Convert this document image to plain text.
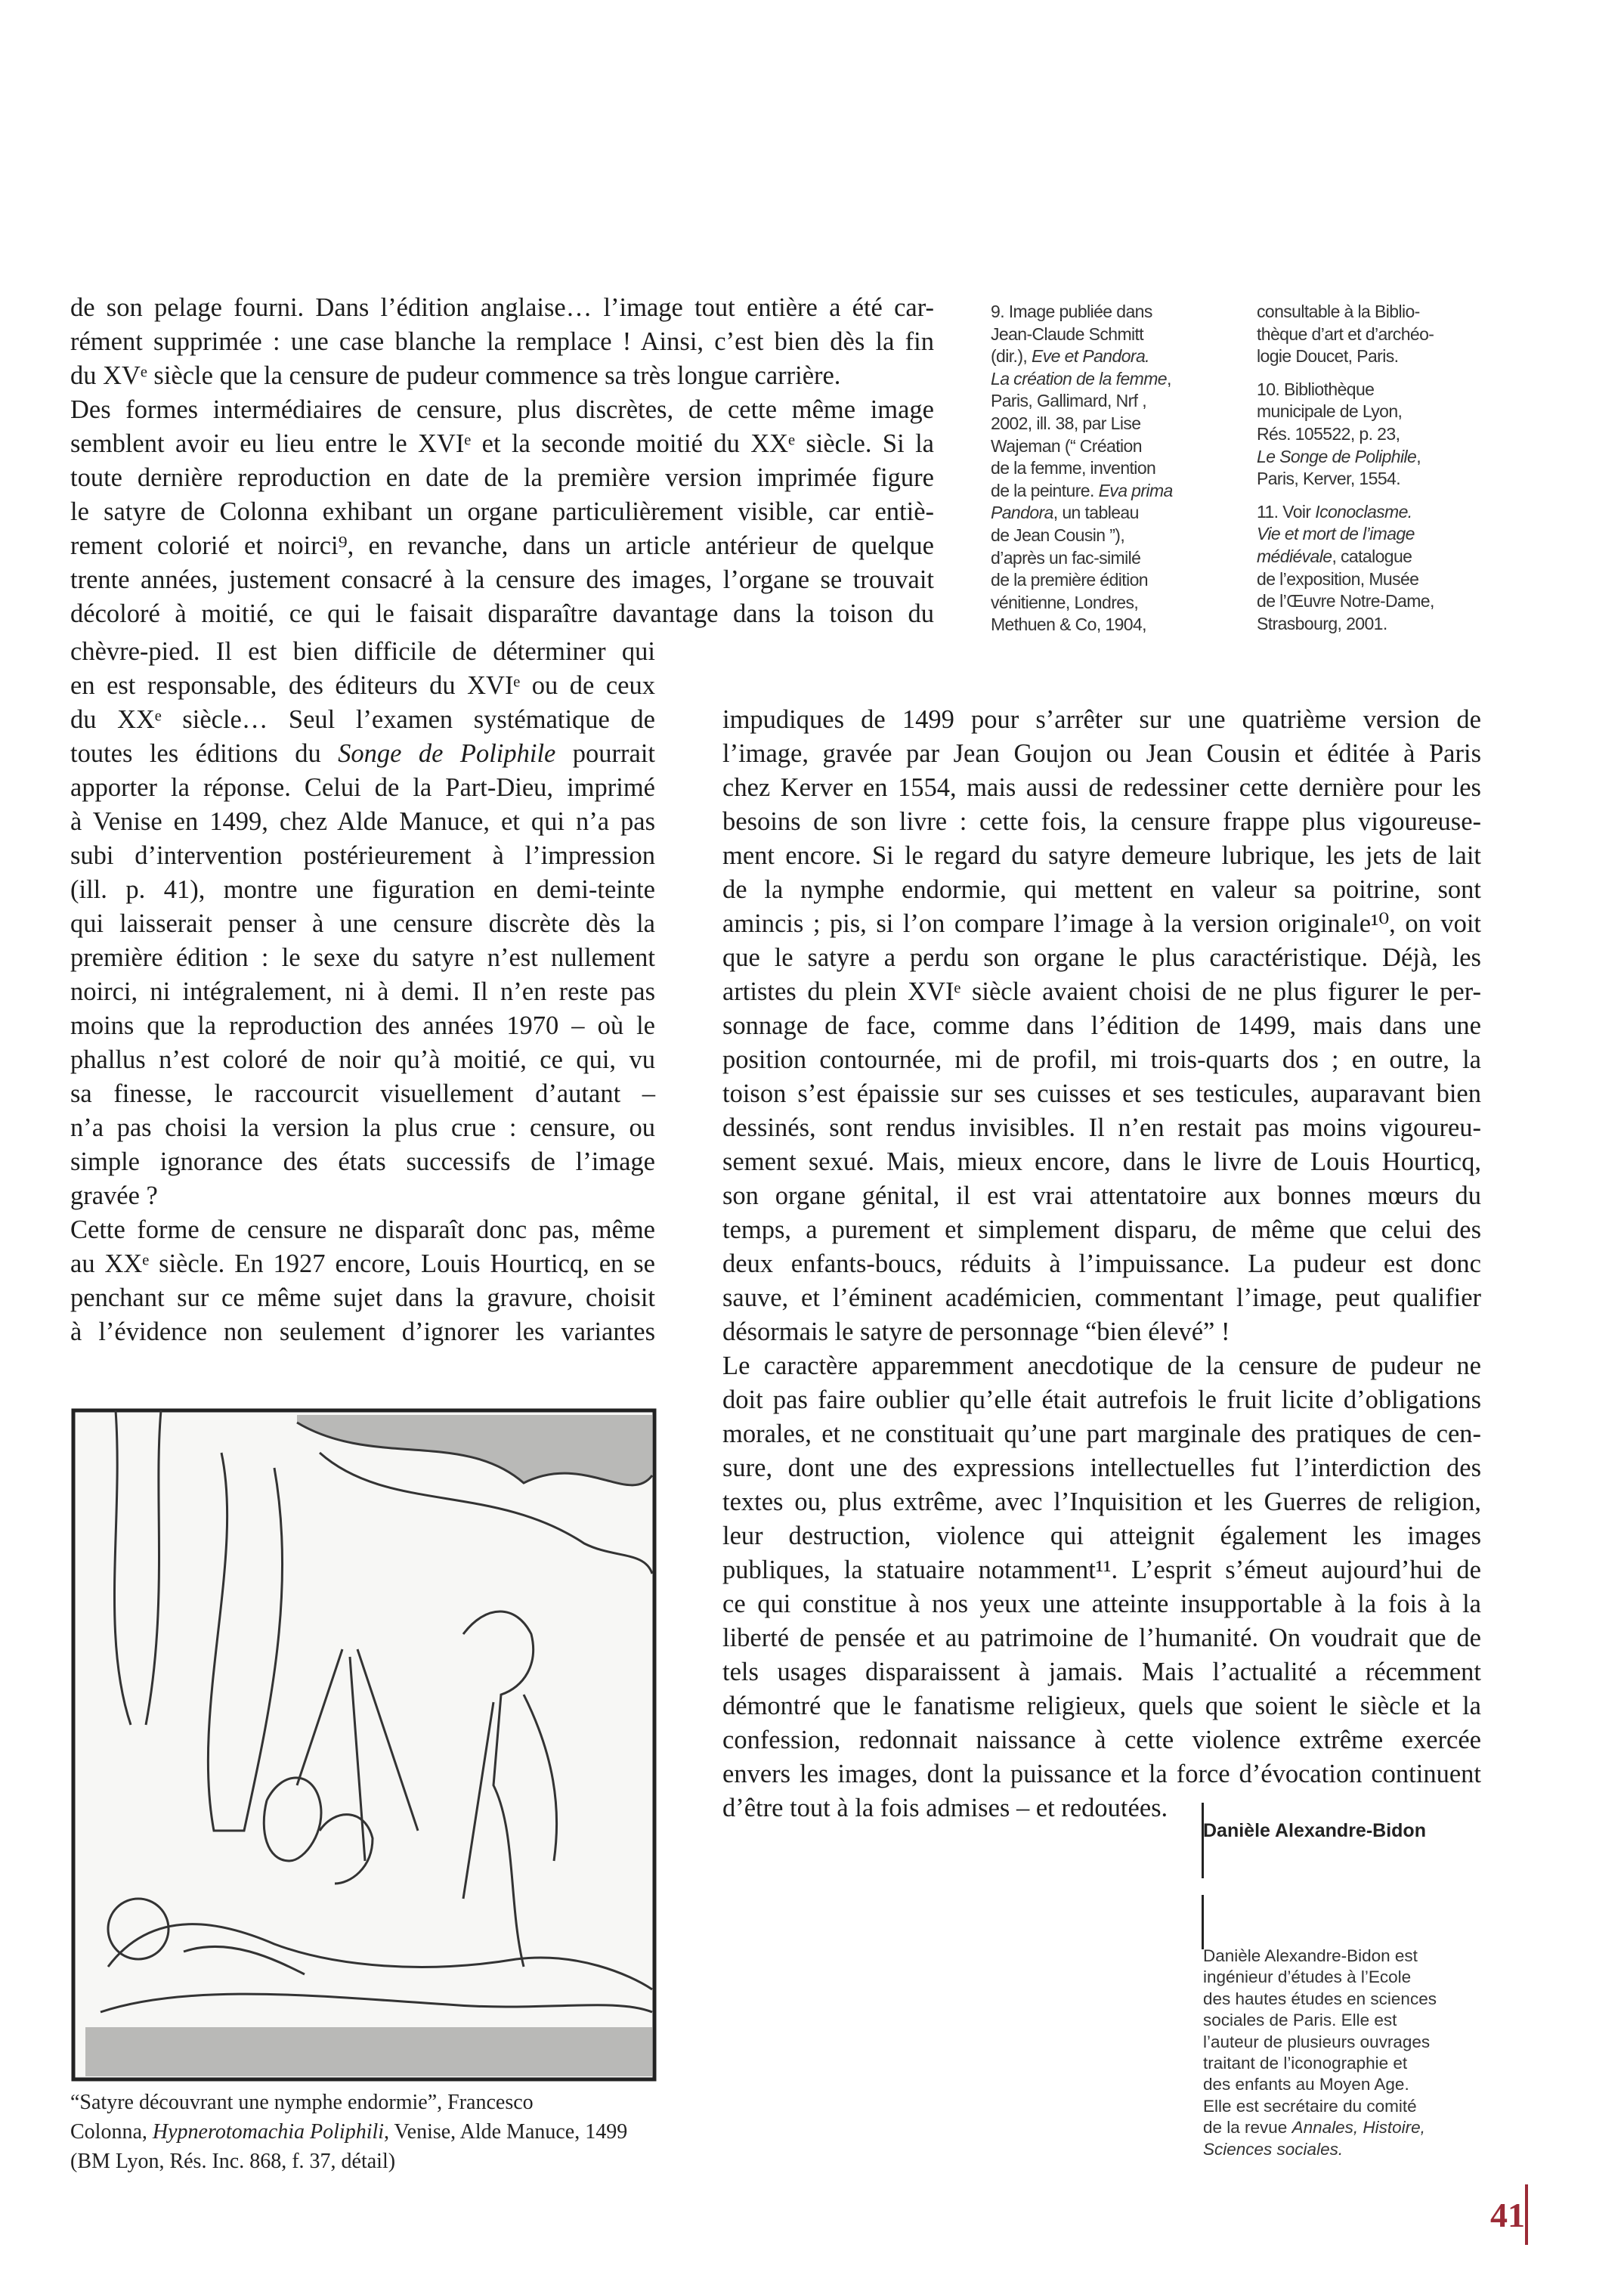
de son pelage fourni. Dans l’édition anglaise… l’image tout entière a été car-
rément supprimée : une case blanche la remplace ! Ainsi, c’est bien dès la fin
du XVᵉ siècle que la censure de pudeur commence sa très longue carrière.
Des formes intermédiaires de censure, plus discrètes, de cette même image
semblent avoir eu lieu entre le XVIᵉ et la seconde moitié du XXᵉ siècle. Si la
toute dernière reproduction en date de la première version imprimée figure
le satyre de Colonna exhibant un organe particulièrement visible, car entiè-
rement colorié et noirci⁹, en revanche, dans un article antérieur de quelque
trente années, justement consacré à la censure des images, l’organe se trouvait
décoloré à moitié, ce qui le faisait disparaître davantage dans la toison du
9. Image publiée dans
Jean-Claude Schmitt
(dir.), Eve et Pandora.
La création de la femme,
Paris, Gallimard, Nrf ,
2002, ill. 38, par Lise
Wajeman (“ Création
de la femme, invention
de la peinture. Eva prima
Pandora, un tableau
de Jean Cousin ”),
d’après un fac-similé
de la première édition
vénitienne, Londres,
Methuen & Co, 1904,
consultable à la Biblio-
thèque d’art et d’archéo-
logie Doucet, Paris.
10. Bibliothèque
municipale de Lyon,
Rés. 105522, p. 23,
Le Songe de Poliphile,
Paris, Kerver, 1554.
11. Voir Iconoclasme.
Vie et mort de l’image
médiévale, catalogue
de l’exposition, Musée
de l’Œuvre Notre-Dame,
Strasbourg, 2001.
chèvre-pied. Il est bien difficile de déterminer qui
en est responsable, des éditeurs du XVIᵉ ou de ceux
du XXᵉ siècle… Seul l’examen systématique de
toutes les éditions du Songe de Poliphile pourrait
apporter la réponse. Celui de la Part-Dieu, imprimé
à Venise en 1499, chez Alde Manuce, et qui n’a pas
subi d’intervention postérieurement à l’impression
(ill. p. 41), montre une figuration en demi-teinte
qui laisserait penser à une censure discrète dès la
première édition : le sexe du satyre n’est nullement
noirci, ni intégralement, ni à demi. Il n’en reste pas
moins que la reproduction des années 1970 – où le
phallus n’est coloré de noir qu’à moitié, ce qui, vu
sa finesse, le raccourcit visuellement d’autant –
n’a pas choisi la version la plus crue : censure, ou
simple ignorance des états successifs de l’image
gravée ?
Cette forme de censure ne disparaît donc pas, même
au XXᵉ siècle. En 1927 encore, Louis Hourticq, en se
penchant sur ce même sujet dans la gravure, choisit
à l’évidence non seulement d’ignorer les variantes
impudiques de 1499 pour s’arrêter sur une quatrième version de
l’image, gravée par Jean Goujon ou Jean Cousin et éditée à Paris
chez Kerver en 1554, mais aussi de redessiner cette dernière pour les
besoins de son livre : cette fois, la censure frappe plus vigoureuse-
ment encore. Si le regard du satyre demeure lubrique, les jets de lait
de la nymphe endormie, qui mettent en valeur sa poitrine, sont
amincis ; pis, si l’on compare l’image à la version originale¹⁰, on voit
que le satyre a perdu son organe le plus caractéristique. Déjà, les
artistes du plein XVIᵉ siècle avaient choisi de ne plus figurer le per-
sonnage de face, comme dans l’édition de 1499, mais dans une
position contournée, mi de profil, mi trois-quarts dos ; en outre, la
toison s’est épaissie sur ses cuisses et ses testicules, auparavant bien
dessinés, sont rendus invisibles. Il n’en restait pas moins vigoureu-
sement sexué. Mais, mieux encore, dans le livre de Louis Hourticq,
son organe génital, il est vrai attentatoire aux bonnes mœurs du
temps, a purement et simplement disparu, de même que celui des
deux enfants-boucs, réduits à l’impuissance. La pudeur est donc
sauve, et l’éminent académicien, commentant l’image, peut qualifier
désormais le satyre de personnage “bien élevé” !
Le caractère apparemment anecdotique de la censure de pudeur ne
doit pas faire oublier qu’elle était autrefois le fruit licite d’obligations
morales, et ne constituait qu’une part marginale des pratiques de cen-
sure, dont une des expressions intellectuelles fut l’interdiction des
textes ou, plus extrême, avec l’Inquisition et les Guerres de religion,
leur destruction, violence qui atteignit également les images
publiques, la statuaire notamment¹¹. L’esprit s’émeut aujourd’hui de
ce qui constitue à nos yeux une atteinte insupportable à la fois à la
liberté de pensée et au patrimoine de l’humanité. On voudrait que de
tels usages disparaissent à jamais. Mais l’actualité a récemment
démontré que le fanatisme religieux, quels que soient le siècle et la
confession, redonnait naissance à cette violence extrême exercée
envers les images, dont la puissance et la force d’évocation continuent
d’être tout à la fois admises – et redoutées.
“Satyre découvrant une nymphe endormie”, Francesco
Colonna, Hypnerotomachia Poliphili, Venise, Alde Manuce, 1499
(BM Lyon, Rés. Inc. 868, f. 37, détail)
Danièle Alexandre-Bidon
Danièle Alexandre-Bidon est
ingénieur d’études à l’Ecole
des hautes études en sciences
sociales de Paris. Elle est
l’auteur de plusieurs ouvrages
traitant de l’iconographie et
des enfants au Moyen Age.
Elle est secrétaire du comité
de la revue Annales, Histoire,
Sciences sociales.
41
